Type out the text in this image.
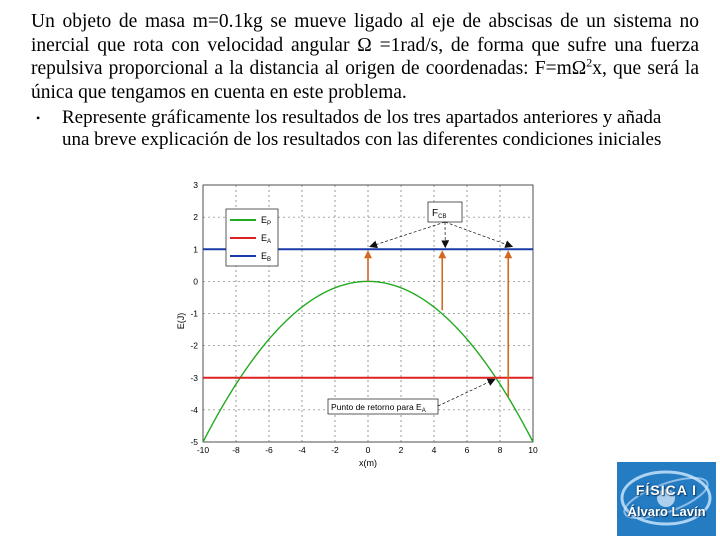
Un objeto de masa m=0.1kg se mueve ligado al eje de abscisas de un sistema no inercial que rota con velocidad angular Ω =1rad/s, de forma que sufre una fuerza repulsiva proporcional a la distancia al origen de coordenadas: $F=m\Omega^2x$, que será la única que tengamos en cuenta en este problema.

• Represente gráficamente los resultados de los tres apartados anteriores y añada una breve explicación de los resultados con las diferentes condiciones iniciales
-10	-8	-6	-4	-2	0	2	4	6	8	10
3
2
1
0
-1
-2
-3
-4
-5
x(m)
E(J)
$E_P$
$E_A$
$E_B$
$F_{CB}$
Punto de retorno para $E_A$
FÍSICA I
Álvaro Lavín
